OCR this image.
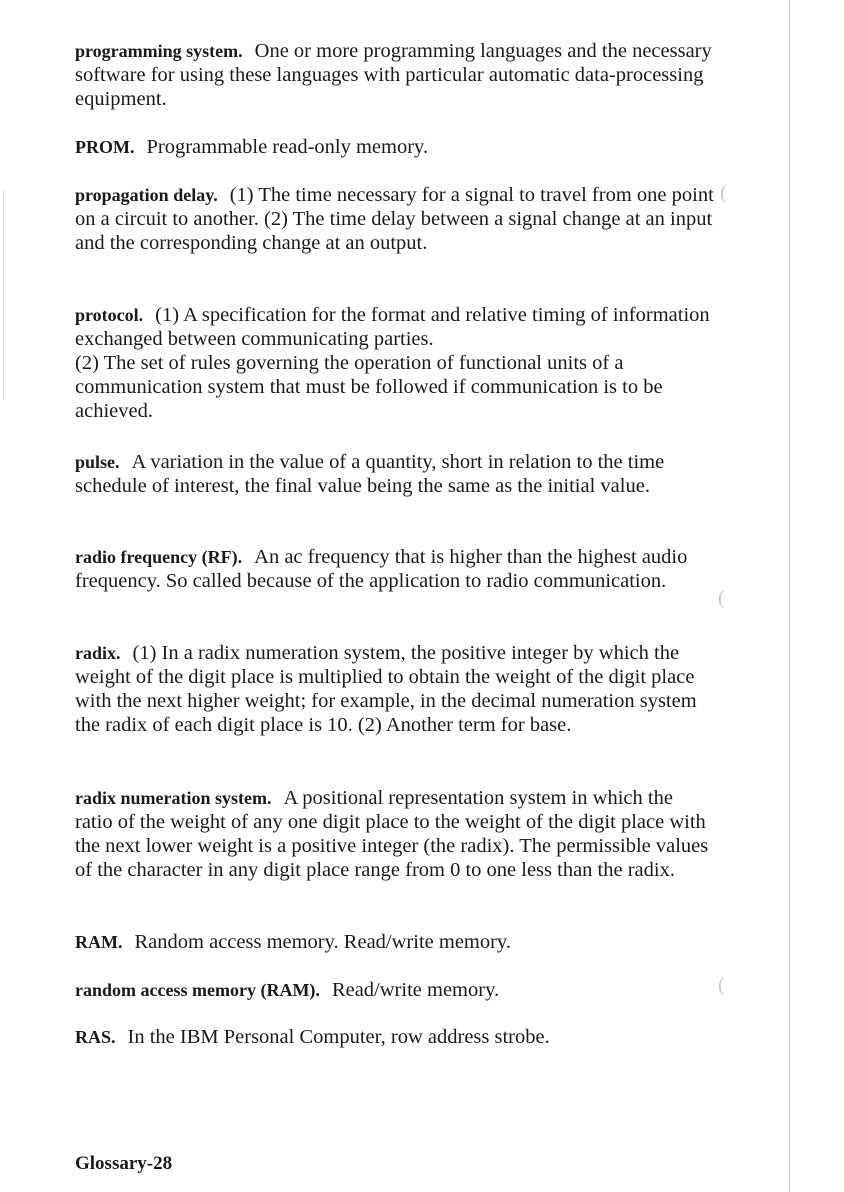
(
(
(
programming system. One or more programming languages and the necessary software for using these languages with particular automatic data-processing equipment.
PROM. Programmable read-only memory.
propagation delay. (1) The time necessary for a signal to travel from one point on a circuit to another. (2) The time delay between a signal change at an input and the corresponding change at an output.
protocol. (1) A specification for the format and relative timing of information exchanged between communicating parties.
(2) The set of rules governing the operation of functional units of a communication system that must be followed if communication is to be achieved.
pulse. A variation in the value of a quantity, short in relation to the time schedule of interest, the final value being the same as the initial value.
radio frequency (RF). An ac frequency that is higher than the highest audio frequency. So called because of the application to radio communication.
radix. (1) In a radix numeration system, the positive integer by which the weight of the digit place is multiplied to obtain the weight of the digit place with the next higher weight; for example, in the decimal numeration system the radix of each digit place is 10. (2) Another term for base.
radix numeration system. A positional representation system in which the ratio of the weight of any one digit place to the weight of the digit place with the next lower weight is a positive integer (the radix). The permissible values of the character in any digit place range from 0 to one less than the radix.
RAM. Random access memory. Read/write memory.
random access memory (RAM). Read/write memory.
RAS. In the IBM Personal Computer, row address strobe.
Glossary-28
